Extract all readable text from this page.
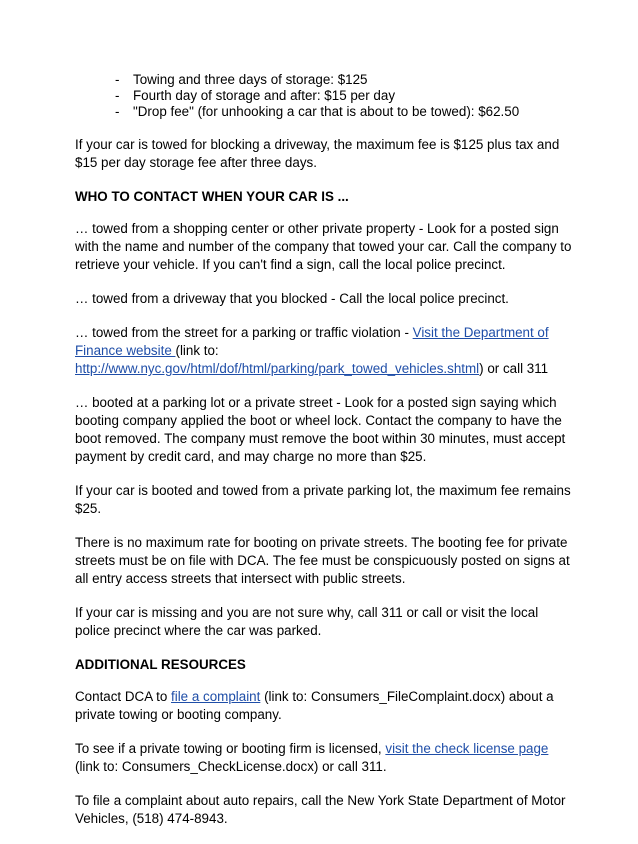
-	Towing and three days of storage: $125
-	Fourth day of storage and after: $15 per day
-	"Drop fee" (for unhooking a car that is about to be towed): $62.50

If your car is towed for blocking a driveway, the maximum fee is $125 plus tax and $15 per day storage fee after three days.

WHO TO CONTACT WHEN YOUR CAR IS ...

… towed from a shopping center or other private property - Look for a posted sign with the name and number of the company that towed your car. Call the company to retrieve your vehicle. If you can't find a sign, call the local police precinct.

… towed from a driveway that you blocked - Call the local police precinct.

… towed from the street for a parking or traffic violation - Visit the Department of Finance website (link to: http://www.nyc.gov/html/dof/html/parking/park_towed_vehicles.shtml) or call 311

… booted at a parking lot or a private street - Look for a posted sign saying which booting company applied the boot or wheel lock. Contact the company to have the boot removed. The company must remove the boot within 30 minutes, must accept payment by credit card, and may charge no more than $25.

If your car is booted and towed from a private parking lot, the maximum fee remains $25.

There is no maximum rate for booting on private streets. The booting fee for private streets must be on file with DCA. The fee must be conspicuously posted on signs at all entry access streets that intersect with public streets.

If your car is missing and you are not sure why, call 311 or call or visit the local police precinct where the car was parked.

ADDITIONAL RESOURCES

Contact DCA to file a complaint (link to: Consumers_FileComplaint.docx) about a private towing or booting company.

To see if a private towing or booting firm is licensed, visit the check license page (link to: Consumers_CheckLicense.docx) or call 311.

To file a complaint about auto repairs, call the New York State Department of Motor Vehicles, (518) 474-8943.
